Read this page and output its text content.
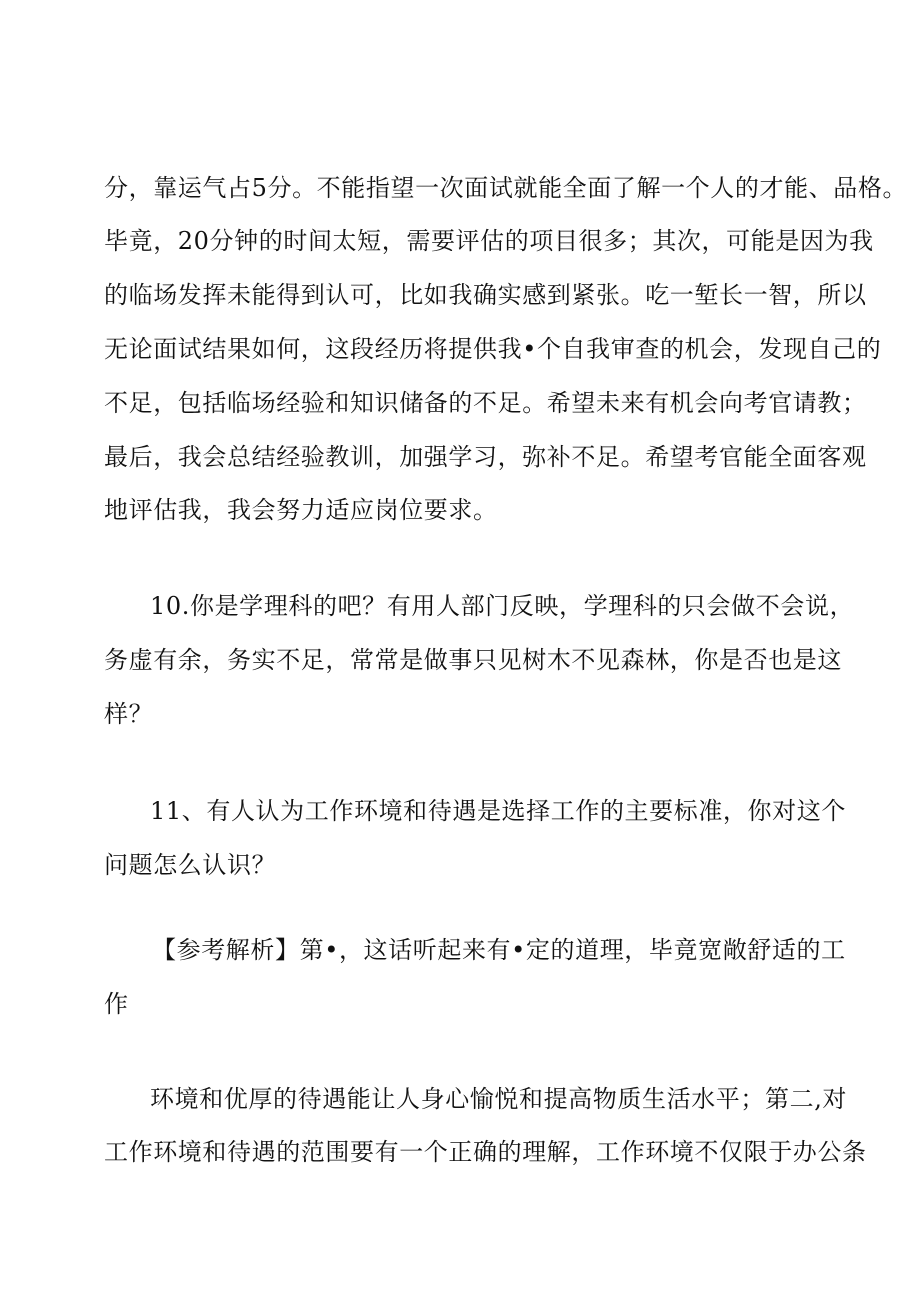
分，靠运气占5分。不能指望一次面试就能全面了解一个人的才能、品格。
毕竟，20分钟的时间太短，需要评估的项目很多；其次，可能是因为我
的临场发挥未能得到认可，比如我确实感到紧张。吃一堑长一智，所以
无论面试结果如何，这段经历将提供我•个自我审查的机会，发现自己的
不足，包括临场经验和知识储备的不足。希望未来有机会向考官请教；
最后，我会总结经验教训，加强学习，弥补不足。希望考官能全面客观
地评估我，我会努力适应岗位要求。
10.你是学理科的吧？有用人部门反映，学理科的只会做不会说，
务虚有余，务实不足，常常是做事只见树木不见森林，你是否也是这
样？
11、有人认为工作环境和待遇是选择工作的主要标准，你对这个
问题怎么认识？
【参考解析】第•，这话听起来有•定的道理，毕竟宽敞舒适的工
作
环境和优厚的待遇能让人身心愉悦和提高物质生活水平；第二,对
工作环境和待遇的范围要有一个正确的理解，工作环境不仅限于办公条
